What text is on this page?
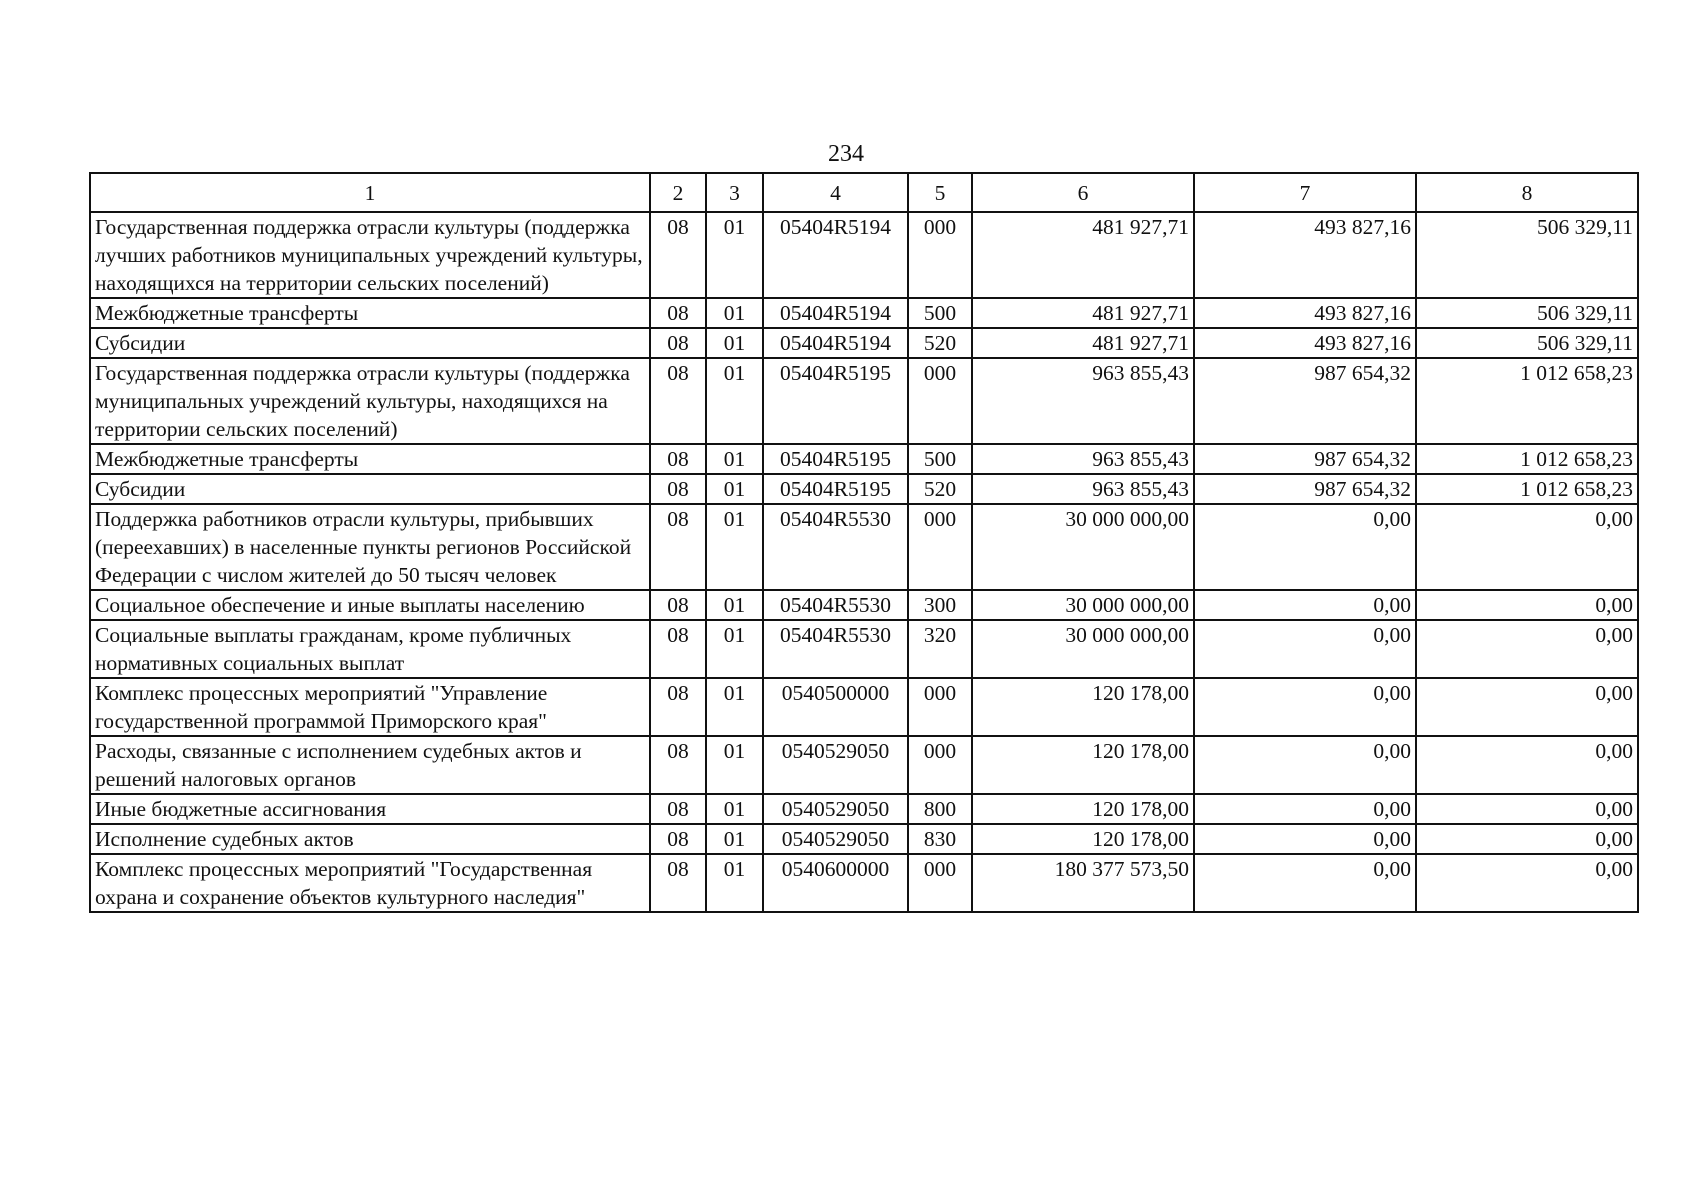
234
1	2	3	4	5	6	7	8
Государственная поддержка отрасли культуры (поддержка лучших работников муниципальных учреждений культуры, находящихся на территории сельских поселений)	08	01	05404R5194	000	481 927,71	493 827,16	506 329,11
Межбюджетные трансферты	08	01	05404R5194	500	481 927,71	493 827,16	506 329,11
Субсидии	08	01	05404R5194	520	481 927,71	493 827,16	506 329,11
Государственная поддержка отрасли культуры (поддержка муниципальных учреждений культуры, находящихся на территории сельских поселений)	08	01	05404R5195	000	963 855,43	987 654,32	1 012 658,23
Межбюджетные трансферты	08	01	05404R5195	500	963 855,43	987 654,32	1 012 658,23
Субсидии	08	01	05404R5195	520	963 855,43	987 654,32	1 012 658,23
Поддержка работников отрасли культуры, прибывших (переехавших) в населенные пункты регионов Российской Федерации с числом жителей до 50 тысяч человек	08	01	05404R5530	000	30 000 000,00	0,00	0,00
Социальное обеспечение и иные выплаты населению	08	01	05404R5530	300	30 000 000,00	0,00	0,00
Социальные выплаты гражданам, кроме публичных нормативных социальных выплат	08	01	05404R5530	320	30 000 000,00	0,00	0,00
Комплекс процессных мероприятий "Управление государственной программой Приморского края"	08	01	0540500000	000	120 178,00	0,00	0,00
Расходы, связанные с исполнением судебных актов и решений налоговых органов	08	01	0540529050	000	120 178,00	0,00	0,00
Иные бюджетные ассигнования	08	01	0540529050	800	120 178,00	0,00	0,00
Исполнение судебных актов	08	01	0540529050	830	120 178,00	0,00	0,00
Комплекс процессных мероприятий "Государственная охрана и сохранение объектов культурного наследия"	08	01	0540600000	000	180 377 573,50	0,00	0,00
